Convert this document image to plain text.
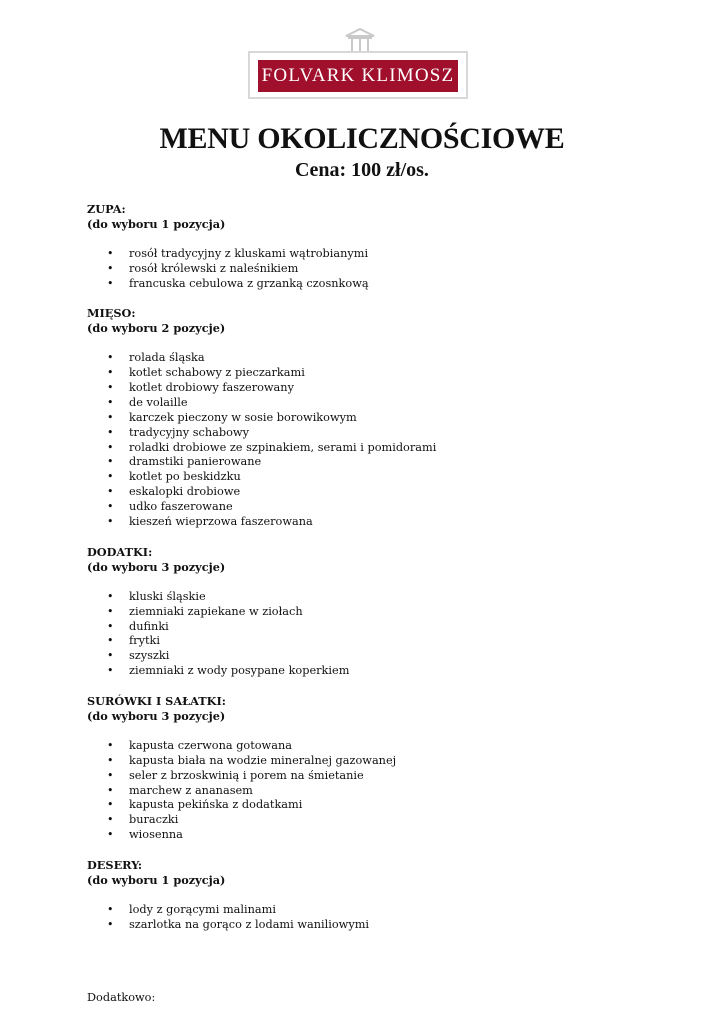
FOLVARK KLIMOSZ
MENU OKOLICZNOŚCIOWE
Cena: 100 zł/os.
ZUPA:
(do wyboru 1 pozycja)
• rosół tradycyjny z kluskami wątrobianymi
• rosół królewski z naleśnikiem
• francuska cebulowa z grzanką czosnkową
MIĘSO:
(do wyboru 2 pozycje)
• rolada śląska
• kotlet schabowy z pieczarkami
• kotlet drobiowy faszerowany
• de volaille
• karczek pieczony w sosie borowikowym
• tradycyjny schabowy
• roladki drobiowe ze szpinakiem, serami i pomidorami
• dramstiki panierowane
• kotlet po beskidzku
• eskalopki drobiowe
• udko faszerowane
• kieszeń wieprzowa faszerowana
DODATKI:
(do wyboru 3 pozycje)
• kluski śląskie
• ziemniaki zapiekane w ziołach
• dufinki
• frytki
• szyszki
• ziemniaki z wody posypane koperkiem
SURÓWKI I SAŁATKI:
(do wyboru 3 pozycje)
• kapusta czerwona gotowana
• kapusta biała na wodzie mineralnej gazowanej
• seler z brzoskwinią i porem na śmietanie
• marchew z ananasem
• kapusta pekińska z dodatkami
• buraczki
• wiosenna
DESERY:
(do wyboru 1 pozycja)
• lody z gorącymi malinami
• szarlotka na gorąco z lodami waniliowymi
Dodatkowo:
